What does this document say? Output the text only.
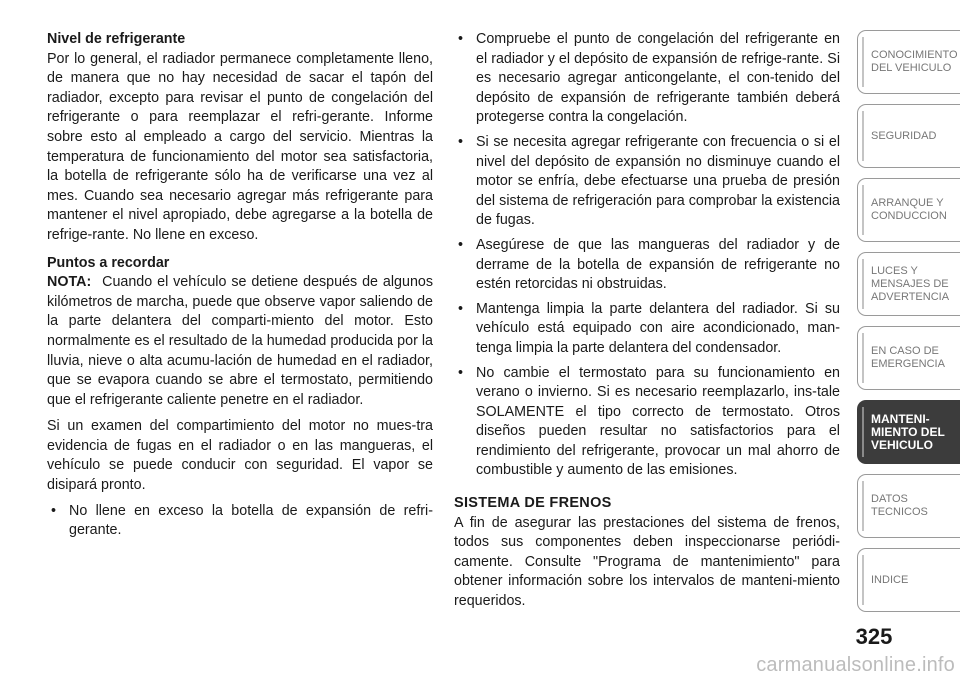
Nivel de refrigerante

Por lo general, el radiador permanece completamente lleno, de manera que no hay necesidad de sacar el tapón del radiador, excepto para revisar el punto de congelación del refrigerante o para reemplazar el refri-gerante. Informe sobre esto al empleado a cargo del servicio. Mientras la temperatura de funcionamiento del motor sea satisfactoria, la botella de refrigerante sólo ha de verificarse una vez al mes. Cuando sea necesario agregar más refrigerante para mantener el nivel apropiado, debe agregarse a la botella de refrige-rante. No llene en exceso.

Puntos a recordar

NOTA: Cuando el vehículo se detiene después de algunos kilómetros de marcha, puede que observe vapor saliendo de la parte delantera del comparti-miento del motor. Esto normalmente es el resultado de la humedad producida por la lluvia, nieve o alta acumu-lación de humedad en el radiador, que se evapora cuando se abre el termostato, permitiendo que el refrigerante caliente penetre en el radiador.

Si un examen del compartimiento del motor no mues-tra evidencia de fugas en el radiador o en las mangueras, el vehículo se puede conducir con seguridad. El vapor se disipará pronto.

• No llene en exceso la botella de expansión de refri-gerante.
• Compruebe el punto de congelación del refrigerante en el radiador y el depósito de expansión de refrige-rante. Si es necesario agregar anticongelante, el con-tenido del depósito de expansión de refrigerante también deberá protegerse contra la congelación.
• Si se necesita agregar refrigerante con frecuencia o si el nivel del depósito de expansión no disminuye cuando el motor se enfría, debe efectuarse una prueba de presión del sistema de refrigeración para comprobar la existencia de fugas.
• Asegúrese de que las mangueras del radiador y de derrame de la botella de expansión de refrigerante no estén retorcidas ni obstruidas.
• Mantenga limpia la parte delantera del radiador. Si su vehículo está equipado con aire acondicionado, man-tenga limpia la parte delantera del condensador.
• No cambie el termostato para su funcionamiento en verano o invierno. Si es necesario reemplazarlo, ins-tale SOLAMENTE el tipo correcto de termostato. Otros diseños pueden resultar no satisfactorios para el rendimiento del refrigerante, provocar un mal ahorro de combustible y aumento de las emisiones.
SISTEMA DE FRENOS

A fin de asegurar las prestaciones del sistema de frenos, todos sus componentes deben inspeccionarse periódi-camente. Consulte "Programa de mantenimiento" para obtener información sobre los intervalos de manteni-miento requeridos.

CONOCIMIENTO
DEL VEHICULO
SEGURIDAD
ARRANQUE Y
CONDUCCION
LUCES Y
MENSAJES DE
ADVERTENCIA
EN CASO DE
EMERGENCIA
MANTENI-
MIENTO DEL
VEHICULO
DATOS
TECNICOS
INDICE
325
carmanualsonline.info
